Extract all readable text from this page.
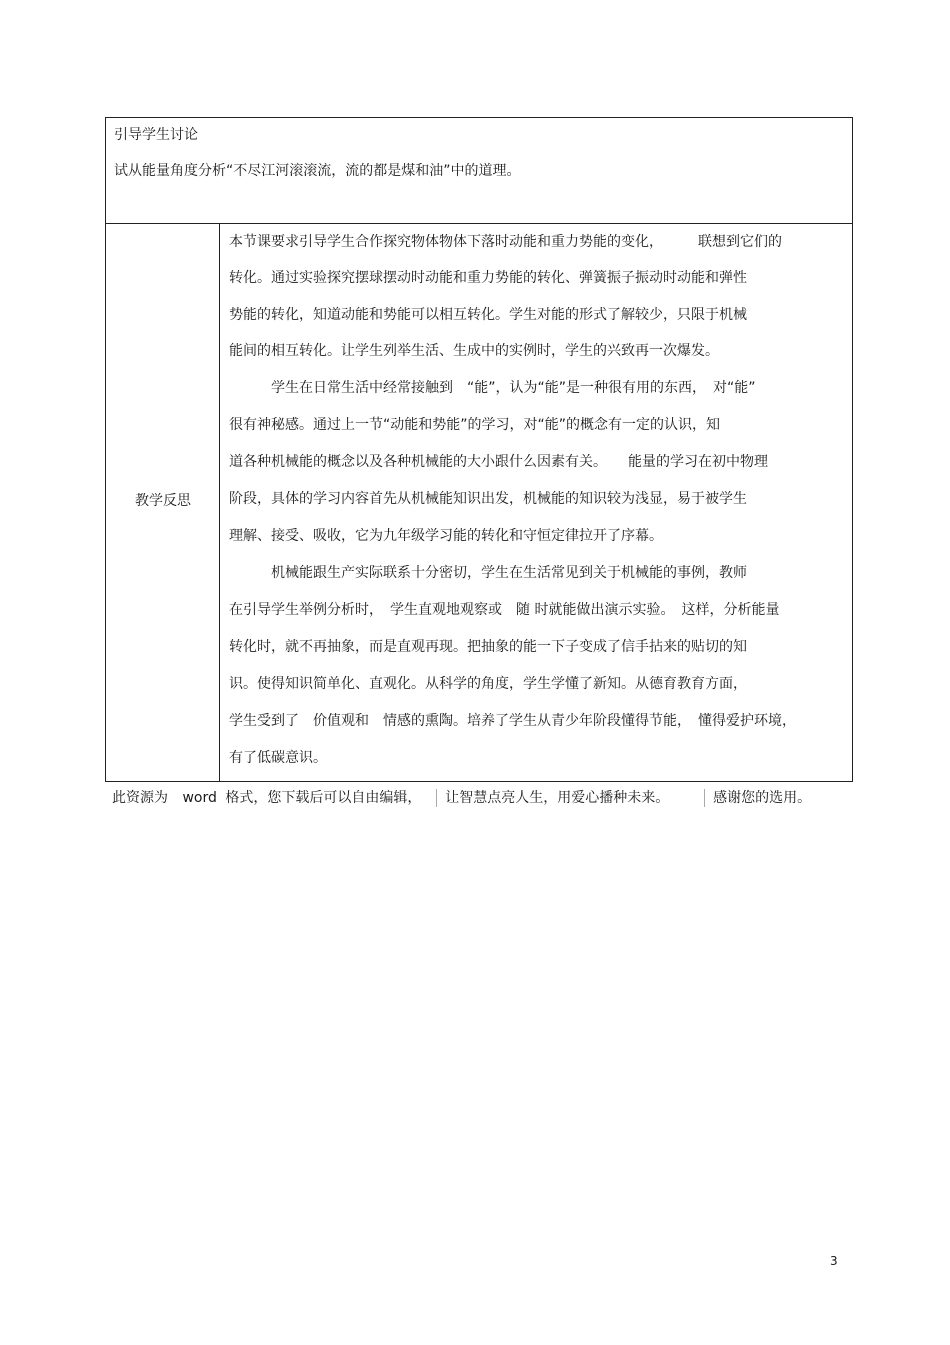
引导学生讨论
试从能量角度分析“不尽江河滚滚流，流的都是煤和油”中的道理。
教学反思
本节课要求引导学生合作探究物体物体下落时动能和重力势能的变化，　　　联想到它们的
转化。通过实验探究摆球摆动时动能和重力势能的转化、弹簧振子振动时动能和弹性
势能的转化，知道动能和势能可以相互转化。学生对能的形式了解较少，只限于机械
能间的相互转化。让学生列举生活、生成中的实例时，学生的兴致再一次爆发。
学生在日常生活中经常接触到　“能”，认为“能”是一种很有用的东西，　对“能”
很有神秘感。通过上一节“动能和势能”的学习，对“能”的概念有一定的认识，知
道各种机械能的概念以及各种机械能的大小跟什么因素有关。　　能量的学习在初中物理
阶段，具体的学习内容首先从机械能知识出发，机械能的知识较为浅显，易于被学生
理解、接受、吸收，它为九年级学习能的转化和守恒定律拉开了序幕。
机械能跟生产实际联系十分密切，学生在生活常见到关于机械能的事例，教师
在引导学生举例分析时，　学生直观地观察或　随 时就能做出演示实验。　这样，分析能量
转化时，就不再抽象，而是直观再现。把抽象的能一下子变成了信手拈来的贴切的知
识。使得知识简单化、直观化。从科学的角度，学生学懂了新知。从德育教育方面，
学生受到了　价值观和　情感的熏陶。培养了学生从青少年阶段懂得节能，　懂得爱护环境，
有了低碳意识。
此资源为 word 格式，您下载后可以自由编辑， 让智慧点亮人生，用爱心播种未来。	感谢您的选用。
3
